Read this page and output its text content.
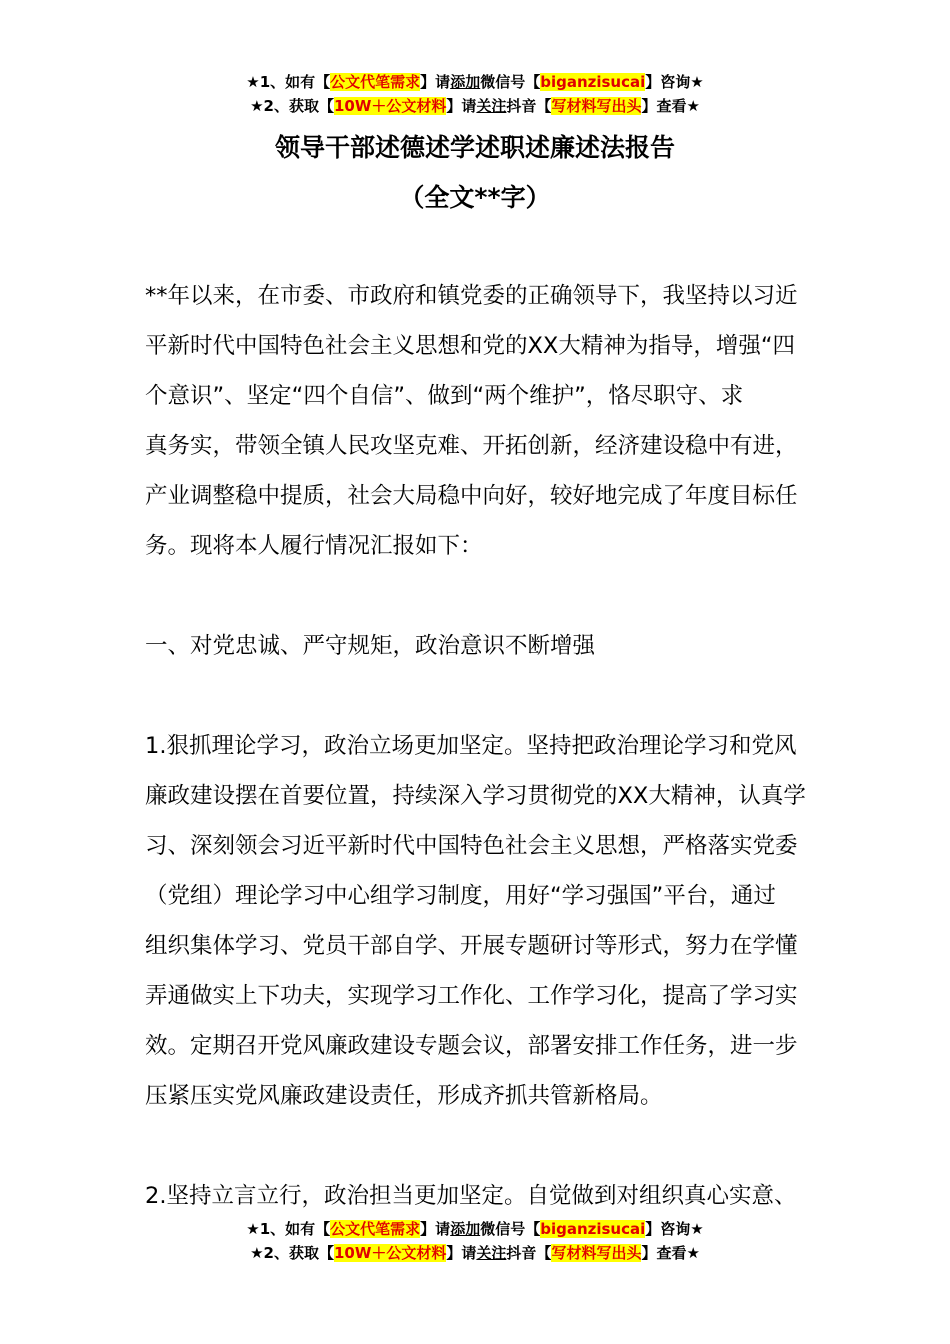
★1、如有【公文代笔需求】请添加微信号【biganzisucai】咨询★
★2、获取【10W＋公文材料】请关注抖音【写材料写出头】查看★
领导干部述德述学述职述廉述法报告
（全文**字）

**年以来，在市委、市政府和镇党委的正确领导下，我坚持以习近

平新时代中国特色社会主义思想和党的XX大精神为指导，增强“四

个意识”、坚定“四个自信”、做到“两个维护”，恪尽职守、求

真务实，带领全镇人民攻坚克难、开拓创新，经济建设稳中有进，

产业调整稳中提质，社会大局稳中向好，较好地完成了年度目标任

务。现将本人履行情况汇报如下：

一、对党忠诚、严守规矩，政治意识不断增强

1.狠抓理论学习，政治立场更加坚定。坚持把政治理论学习和党风

廉政建设摆在首要位置，持续深入学习贯彻党的XX大精神，认真学

习、深刻领会习近平新时代中国特色社会主义思想，严格落实党委

（党组）理论学习中心组学习制度，用好“学习强国”平台，通过

组织集体学习、党员干部自学、开展专题研讨等形式，努力在学懂

弄通做实上下功夫，实现学习工作化、工作学习化，提高了学习实

效。定期召开党风廉政建设专题会议，部署安排工作任务，进一步

压紧压实党风廉政建设责任，形成齐抓共管新格局。

2.坚持立言立行，政治担当更加坚定。自觉做到对组织真心实意、

★1、如有【公文代笔需求】请添加微信号【biganzisucai】咨询★
★2、获取【10W＋公文材料】请关注抖音【写材料写出头】查看★
